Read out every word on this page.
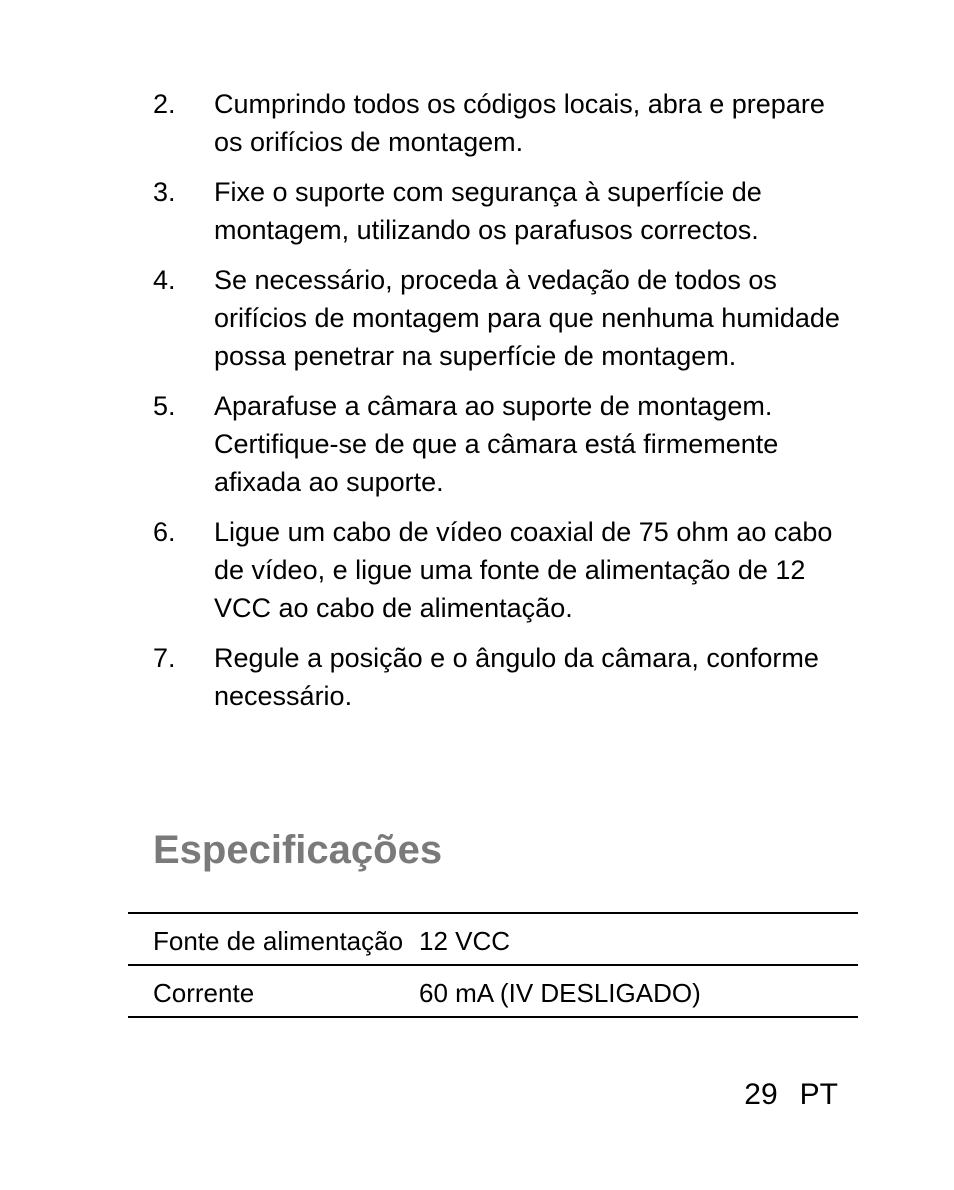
2.	Cumprindo todos os códigos locais, abra e prepare os orifícios de montagem.
3.	Fixe o suporte com segurança à superfície de montagem, utilizando os parafusos correctos.
4.	Se necessário, proceda à vedação de todos os orifícios de montagem para que nenhuma humidade possa penetrar na superfície de montagem.
5.	Aparafuse a câmara ao suporte de montagem. Certifique-se de que a câmara está firmemente afixada ao suporte.
6.	Ligue um cabo de vídeo coaxial de 75 ohm ao cabo de vídeo, e ligue uma fonte de alimentação de 12 VCC ao cabo de alimentação.
7.	Regule a posição e o ângulo da câmara, conforme necessário.
Especificações
Fonte de alimentação	12 VCC
Corrente	60 mA (IV DESLIGADO)
29 PT
